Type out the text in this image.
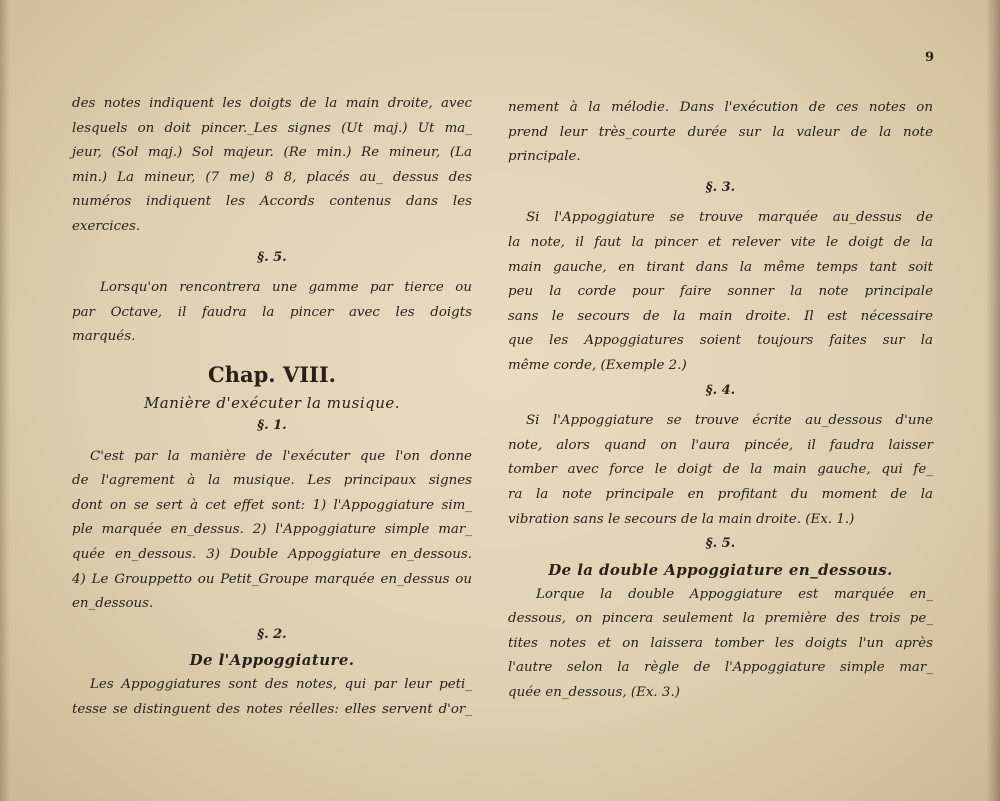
9

des notes indiquent les doigts de la main droite, avec
lesquels on doit pincer._Les signes (Ut maj.) Ut ma_
jeur, (Sol maj.) Sol majeur. (Re min.) Re mineur, (La
min.) La mineur, (7 me) 8 8, placés au_ dessus des
numéros indiquent les Accords contenus dans les
exercices.

§. 5.

Lorsqu'on rencontrera une gamme par tierce ou
par Octave, il faudra la pincer avec les doigts
marqués.

Chap. VIII.
Manière d'exécuter la musique.
§. 1.

C'est par la manière de l'exécuter que l'on donne
de l'agrement à la musique. Les principaux signes
dont on se sert à cet effet sont: 1) l'Appoggiature sim_
ple marquée en_dessus. 2) l'Appoggiature simple mar_
quée en_dessous. 3) Double Appoggiature en_dessous.
4) Le Grouppetto ou Petit_Groupe marquée en_dessus ou
en_dessous.

§. 2.
De l'Appoggiature.

Les Appoggiatures sont des notes, qui par leur peti_
tesse se distinguent des notes réelles: elles servent d'or_

nement à la mélodie. Dans l'exécution de ces notes on
prend leur très_courte durée sur la valeur de la note
principale.

§. 3.

Si l'Appoggiature se trouve marquée au_dessus de
la note, il faut la pincer et relever vite le doigt de la
main gauche, en tirant dans la même temps tant soit
peu la corde pour faire sonner la note principale
sans le secours de la main droite. Il est nécessaire
que les Appoggiatures soient toujours faites sur la
même corde, (Exemple 2.)

§. 4.

Si l'Appoggiature se trouve écrite au_dessous d'une
note, alors quand on l'aura pincée, il faudra laisser
tomber avec force le doigt de la main gauche, qui fe_
ra la note principale en profitant du moment de la
vibration sans le secours de la main droite. (Ex. 1.)

§. 5.
De la double Appoggiature en_dessous.

Lorque la double Appoggiature est marquée en_
dessous, on pincera seulement la première des trois pe_
tites notes et on laissera tomber les doigts l'un après
l'autre selon la règle de l'Appoggiature simple mar_
quée en_dessous, (Ex. 3.)
